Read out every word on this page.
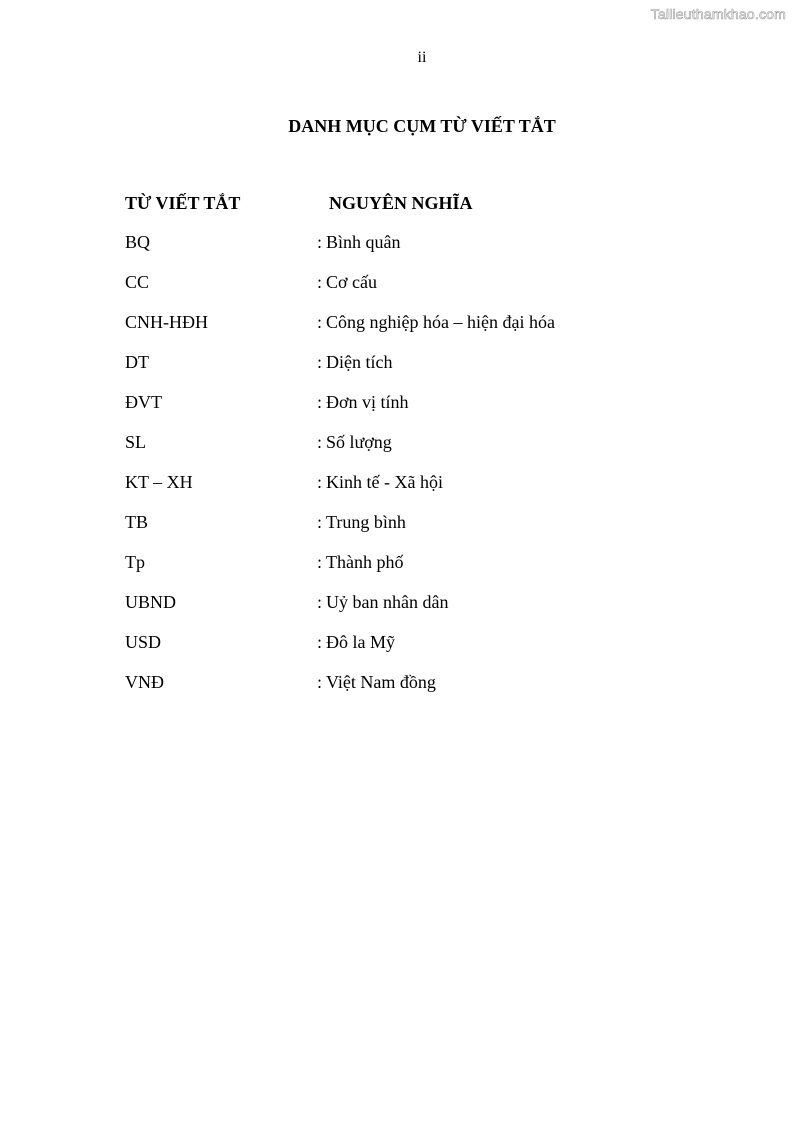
Tailieuthamkhao.com
ii
DANH MỤC CỤM TỪ VIẾT TẮT
TỪ VIẾT TẮT	NGUYÊN NGHĨA
BQ	: Bình quân
CC	: Cơ cấu
CNH-HĐH	: Công nghiệp hóa – hiện đại hóa
DT	: Diện tích
ĐVT	: Đơn vị tính
SL	: Số lượng
KT – XH	: Kinh tế - Xã hội
TB	: Trung bình
Tp	: Thành phố
UBND	: Uỷ ban nhân dân
USD	: Đô la Mỹ
VNĐ	: Việt Nam đồng
